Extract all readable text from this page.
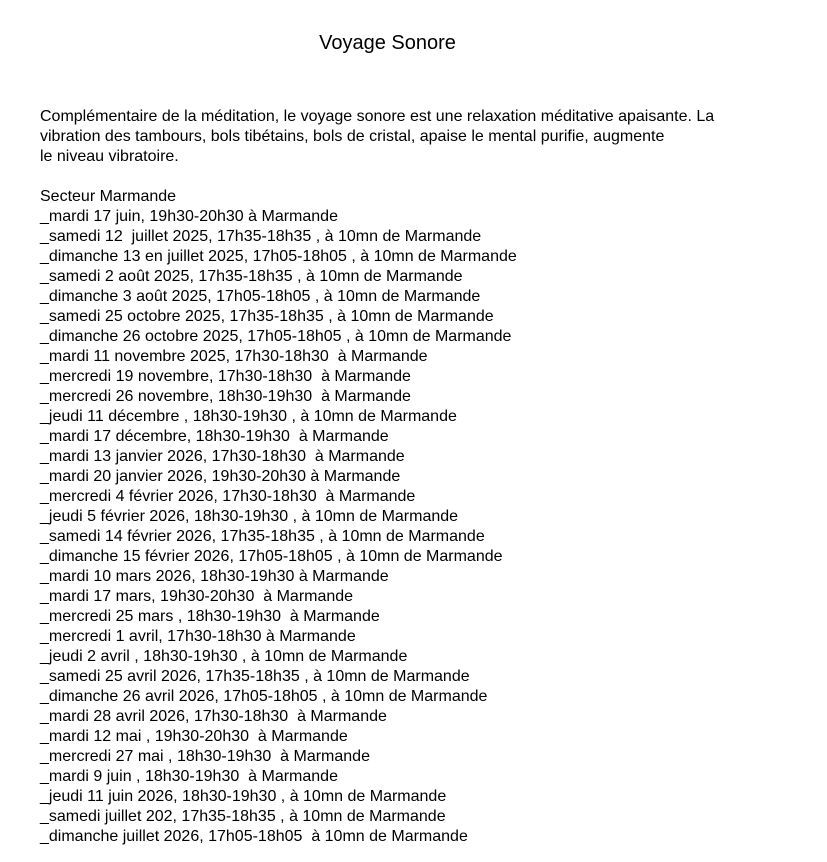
Voyage Sonore
Complémentaire de la méditation, le voyage sonore est une relaxation méditative apaisante. La
vibration des tambours, bols tibétains, bols de cristal, apaise le mental purifie, augmente
le niveau vibratoire.
Secteur Marmande
_mardi 17 juin, 19h30-20h30 à Marmande
_samedi 12  juillet 2025, 17h35-18h35 , à 10mn de Marmande
_dimanche 13 en juillet 2025, 17h05-18h05 , à 10mn de Marmande
_samedi 2 août 2025, 17h35-18h35 , à 10mn de Marmande
_dimanche 3 août 2025, 17h05-18h05 , à 10mn de Marmande
_samedi 25 octobre 2025, 17h35-18h35 , à 10mn de Marmande
_dimanche 26 octobre 2025, 17h05-18h05 , à 10mn de Marmande
_mardi 11 novembre 2025, 17h30-18h30  à Marmande
_mercredi 19 novembre, 17h30-18h30  à Marmande
_mercredi 26 novembre, 18h30-19h30  à Marmande
_jeudi 11 décembre , 18h30-19h30 , à 10mn de Marmande
_mardi 17 décembre, 18h30-19h30  à Marmande
_mardi 13 janvier 2026, 17h30-18h30  à Marmande
_mardi 20 janvier 2026, 19h30-20h30 à Marmande
_mercredi 4 février 2026, 17h30-18h30  à Marmande
_jeudi 5 février 2026, 18h30-19h30 , à 10mn de Marmande
_samedi 14 février 2026, 17h35-18h35 , à 10mn de Marmande
_dimanche 15 février 2026, 17h05-18h05 , à 10mn de Marmande
_mardi 10 mars 2026, 18h30-19h30 à Marmande
_mardi 17 mars, 19h30-20h30  à Marmande
_mercredi 25 mars , 18h30-19h30  à Marmande
_mercredi 1 avril, 17h30-18h30 à Marmande
_jeudi 2 avril , 18h30-19h30 , à 10mn de Marmande
_samedi 25 avril 2026, 17h35-18h35 , à 10mn de Marmande
_dimanche 26 avril 2026, 17h05-18h05 , à 10mn de Marmande
_mardi 28 avril 2026, 17h30-18h30  à Marmande
_mardi 12 mai , 19h30-20h30  à Marmande
_mercredi 27 mai , 18h30-19h30  à Marmande
_mardi 9 juin , 18h30-19h30  à Marmande
_jeudi 11 juin 2026, 18h30-19h30 , à 10mn de Marmande
_samedi juillet 202, 17h35-18h35 , à 10mn de Marmande
_dimanche juillet 2026, 17h05-18h05  à 10mn de Marmande
